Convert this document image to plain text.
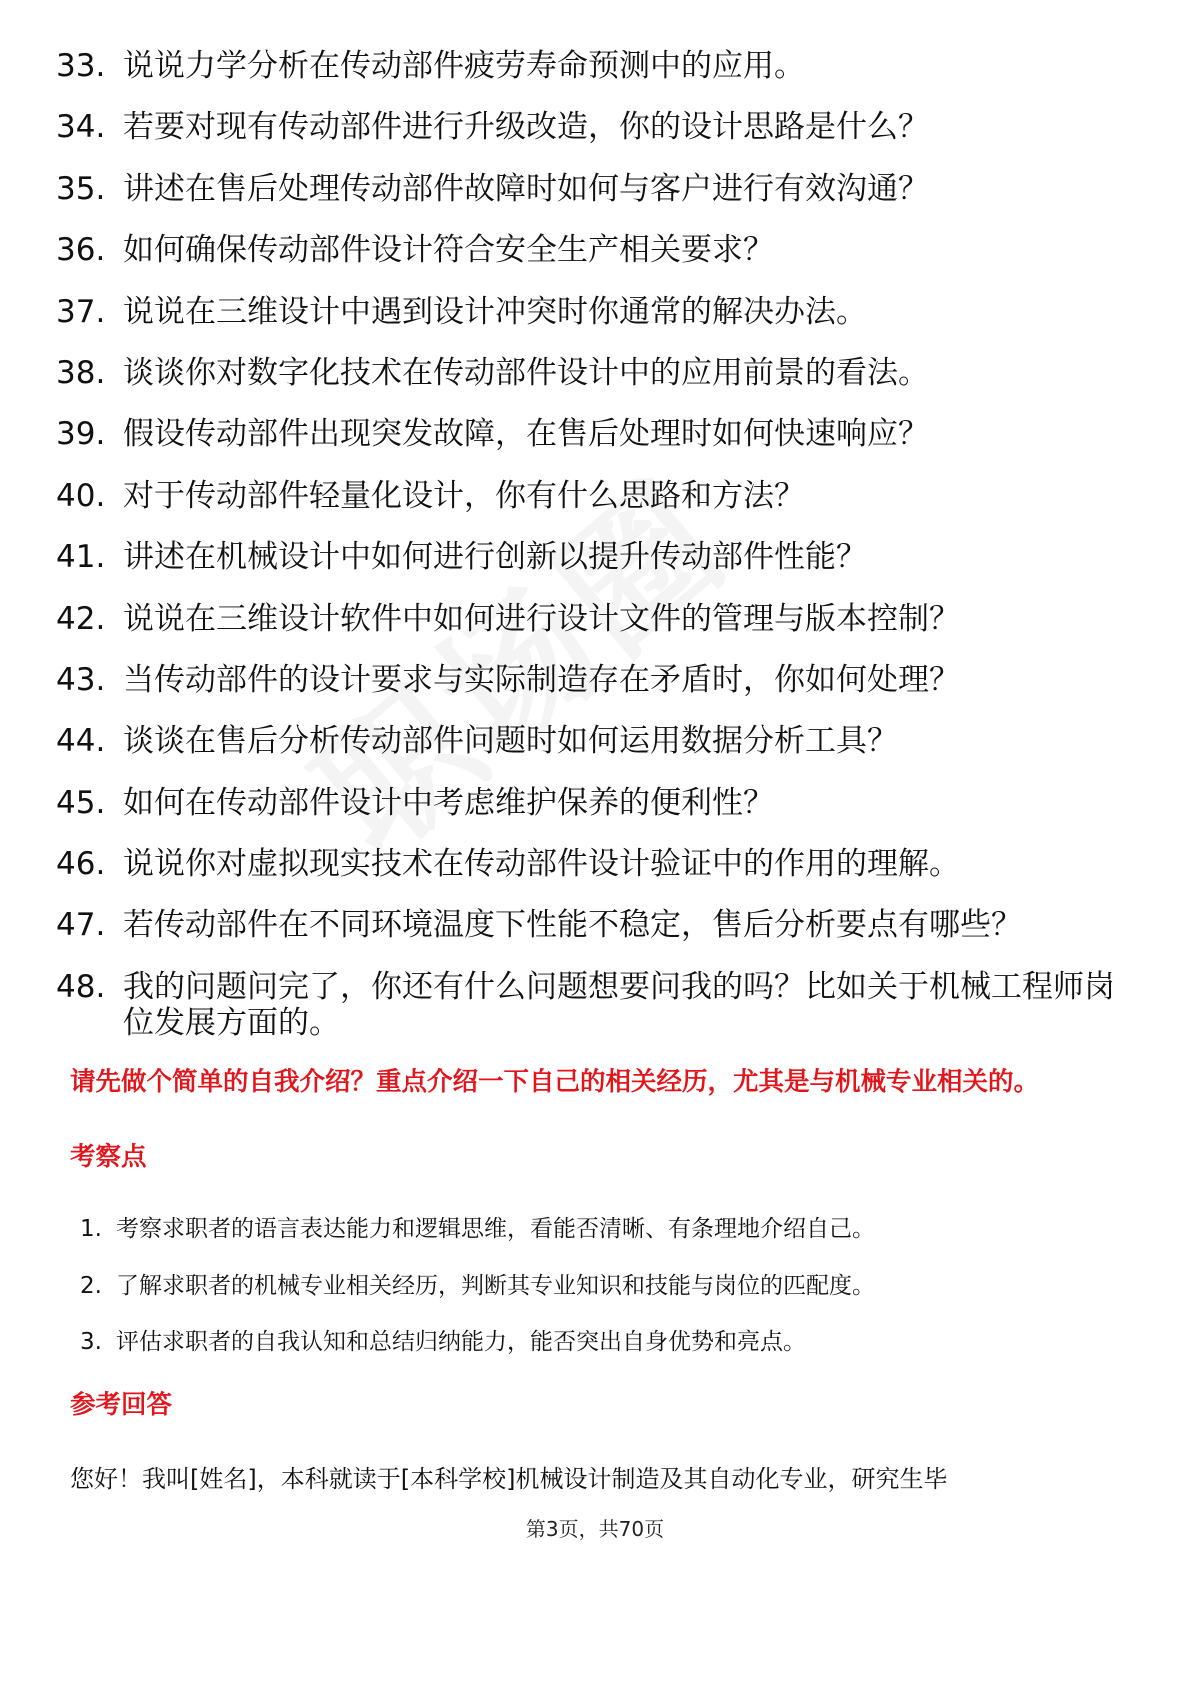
33. 说说力学分析在传动部件疲劳寿命预测中的应用。
34. 若要对现有传动部件进行升级改造，你的设计思路是什么？
35. 讲述在售后处理传动部件故障时如何与客户进行有效沟通？
36. 如何确保传动部件设计符合安全生产相关要求？
37. 说说在三维设计中遇到设计冲突时你通常的解决办法。
38. 谈谈你对数字化技术在传动部件设计中的应用前景的看法。
39. 假设传动部件出现突发故障，在售后处理时如何快速响应？
40. 对于传动部件轻量化设计，你有什么思路和方法？
41. 讲述在机械设计中如何进行创新以提升传动部件性能？
42. 说说在三维设计软件中如何进行设计文件的管理与版本控制？
43. 当传动部件的设计要求与实际制造存在矛盾时，你如何处理？
44. 谈谈在售后分析传动部件问题时如何运用数据分析工具？
45. 如何在传动部件设计中考虑维护保养的便利性？
46. 说说你对虚拟现实技术在传动部件设计验证中的作用的理解。
47. 若传动部件在不同环境温度下性能不稳定，售后分析要点有哪些？
48. 我的问题问完了，你还有什么问题想要问我的吗？比如关于机械工程师岗位发展方面的。
请先做个简单的自我介绍？重点介绍一下自己的相关经历，尤其是与机械专业相关的。
考察点
1. 考察求职者的语言表达能力和逻辑思维，看能否清晰、有条理地介绍自己。
2. 了解求职者的机械专业相关经历，判断其专业知识和技能与岗位的匹配度。
3. 评估求职者的自我认知和总结归纳能力，能否突出自身优势和亮点。
参考回答
您好！我叫[姓名]，本科就读于[本科学校]机械设计制造及其自动化专业，研究生毕
第3页，共70页
